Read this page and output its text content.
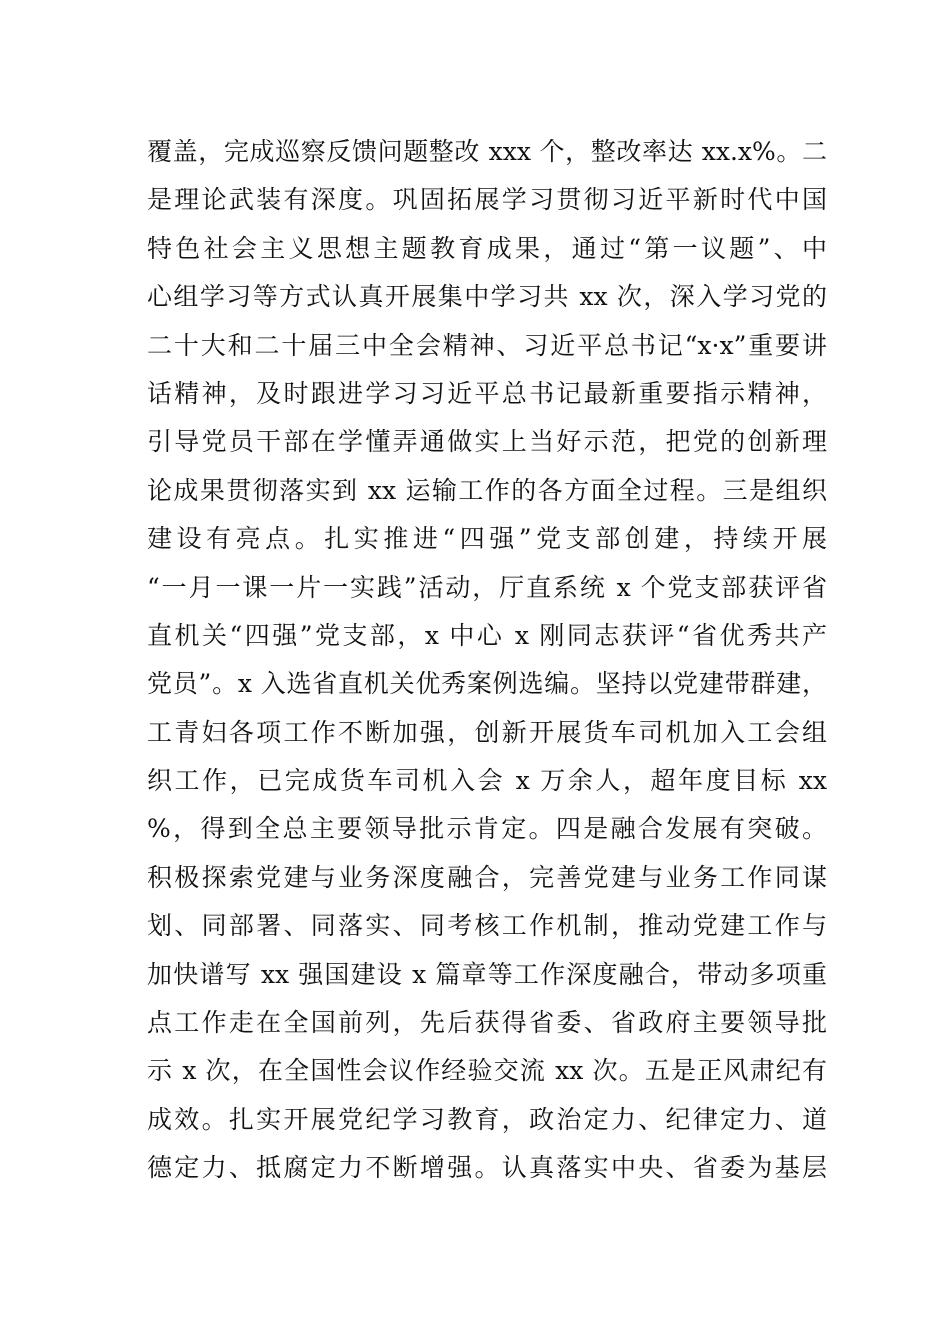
覆盖，完成巡察反馈问题整改 xxx 个，整改率达 xx.x%。二
是理论武装有深度。巩固拓展学习贯彻习近平新时代中国
特色社会主义思想主题教育成果，通过“第一议题”、中
心组学习等方式认真开展集中学习共 xx 次，深入学习党的
二十大和二十届三中全会精神、习近平总书记“x·x”重要讲
话精神，及时跟进学习习近平总书记最新重要指示精神，
引导党员干部在学懂弄通做实上当好示范，把党的创新理
论成果贯彻落实到 xx 运输工作的各方面全过程。三是组织
建设有亮点。扎实推进“四强”党支部创建，持续开展
“一月一课一片一实践”活动，厅直系统 x 个党支部获评省
直机关“四强”党支部，x 中心 x 刚同志获评“省优秀共产
党员”。x 入选省直机关优秀案例选编。坚持以党建带群建，
工青妇各项工作不断加强，创新开展货车司机加入工会组
织工作，已完成货车司机入会 x 万余人，超年度目标 xx
%，得到全总主要领导批示肯定。四是融合发展有突破。
积极探索党建与业务深度融合，完善党建与业务工作同谋
划、同部署、同落实、同考核工作机制，推动党建工作与
加快谱写 xx 强国建设 x 篇章等工作深度融合，带动多项重
点工作走在全国前列，先后获得省委、省政府主要领导批
示 x 次，在全国性会议作经验交流 xx 次。五是正风肃纪有
成效。扎实开展党纪学习教育，政治定力、纪律定力、道
德定力、抵腐定力不断增强。认真落实中央、省委为基层
